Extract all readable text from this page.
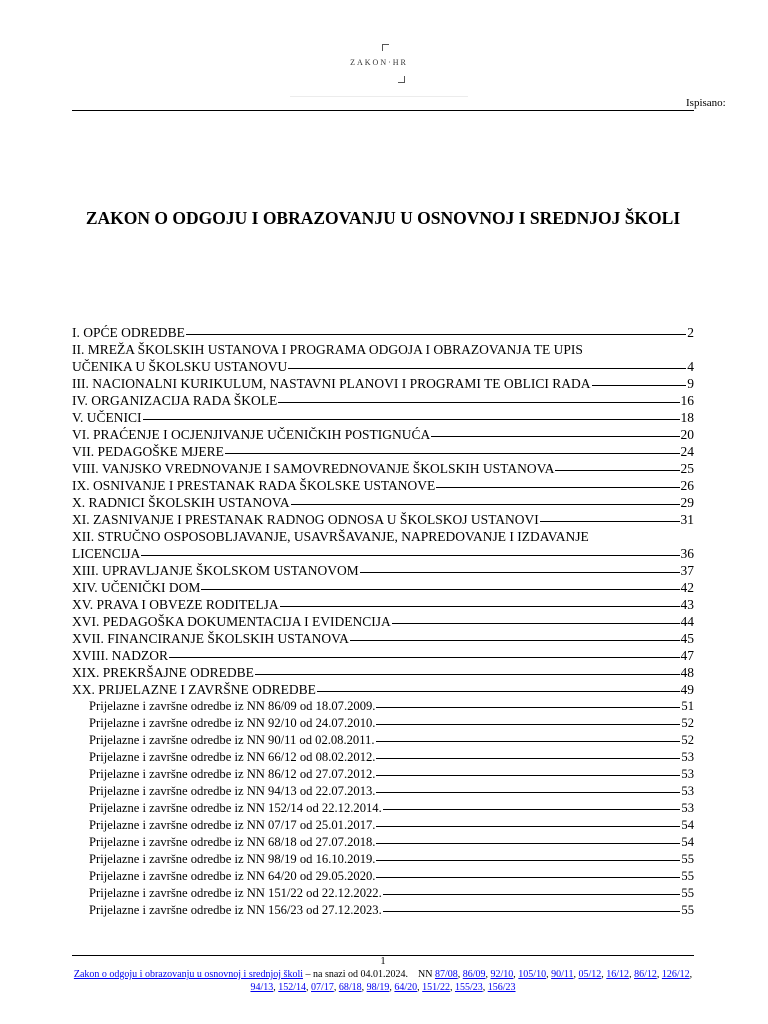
ZAKON·HR
Ispisano:
ZAKON O ODGOJU I OBRAZOVANJU U OSNOVNOJ I SREDNJOJ ŠKOLI
I. OPĆE ODREDBE	2
II. MREŽA ŠKOLSKIH USTANOVA I PROGRAMA ODGOJA I OBRAZOVANJA TE UPIS
UČENIKA U ŠKOLSKU USTANOVU	4
III. NACIONALNI KURIKULUM, NASTAVNI PLANOVI I PROGRAMI TE OBLICI RADA	9
IV. ORGANIZACIJA RADA ŠKOLE	16
V. UČENICI	18
VI. PRAĆENJE I OCJENJIVANJE UČENIČKIH POSTIGNUĆA	20
VII. PEDAGOŠKE MJERE	24
VIII. VANJSKO VREDNOVANJE I SAMOVREDNOVANJE ŠKOLSKIH USTANOVA	25
IX. OSNIVANJE I PRESTANAK RADA ŠKOLSKE USTANOVE	26
X. RADNICI ŠKOLSKIH USTANOVA	29
XI. ZASNIVANJE I PRESTANAK RADNOG ODNOSA U ŠKOLSKOJ USTANOVI	31
XII. STRUČNO OSPOSOBLJAVANJE, USAVRŠAVANJE, NAPREDOVANJE I IZDAVANJE
LICENCIJA	36
XIII. UPRAVLJANJE ŠKOLSKOM USTANOVOM	37
XIV. UČENIČKI DOM	42
XV. PRAVA I OBVEZE RODITELJA	43
XVI. PEDAGOŠKA DOKUMENTACIJA I EVIDENCIJA	44
XVII. FINANCIRANJE ŠKOLSKIH USTANOVA	45
XVIII. NADZOR	47
XIX. PREKRŠAJNE ODREDBE	48
XX. PRIJELAZNE I ZAVRŠNE ODREDBE	49
Prijelazne i završne odredbe iz NN 86/09 od 18.07.2009.	51
Prijelazne i završne odredbe iz NN 92/10 od 24.07.2010.	52
Prijelazne i završne odredbe iz NN 90/11 od 02.08.2011.	52
Prijelazne i završne odredbe iz NN 66/12 od 08.02.2012.	53
Prijelazne i završne odredbe iz NN 86/12 od 27.07.2012.	53
Prijelazne i završne odredbe iz NN 94/13 od 22.07.2013.	53
Prijelazne i završne odredbe iz NN 152/14 od 22.12.2014.	53
Prijelazne i završne odredbe iz NN 07/17 od 25.01.2017.	54
Prijelazne i završne odredbe iz NN 68/18 od 27.07.2018.	54
Prijelazne i završne odredbe iz NN 98/19 od 16.10.2019.	55
Prijelazne i završne odredbe iz NN 64/20 od 29.05.2020.	55
Prijelazne i završne odredbe iz NN 151/22 od 22.12.2022.	55
Prijelazne i završne odredbe iz NN 156/23 od 27.12.2023.	55
1
Zakon o odgoju i obrazovanju u osnovnoj i srednjoj školi – na snazi od 04.01.2024. NN 87/08, 86/09, 92/10, 105/10, 90/11, 05/12, 16/12, 86/12, 126/12, 94/13, 152/14, 07/17, 68/18, 98/19, 64/20, 151/22, 155/23, 156/23
